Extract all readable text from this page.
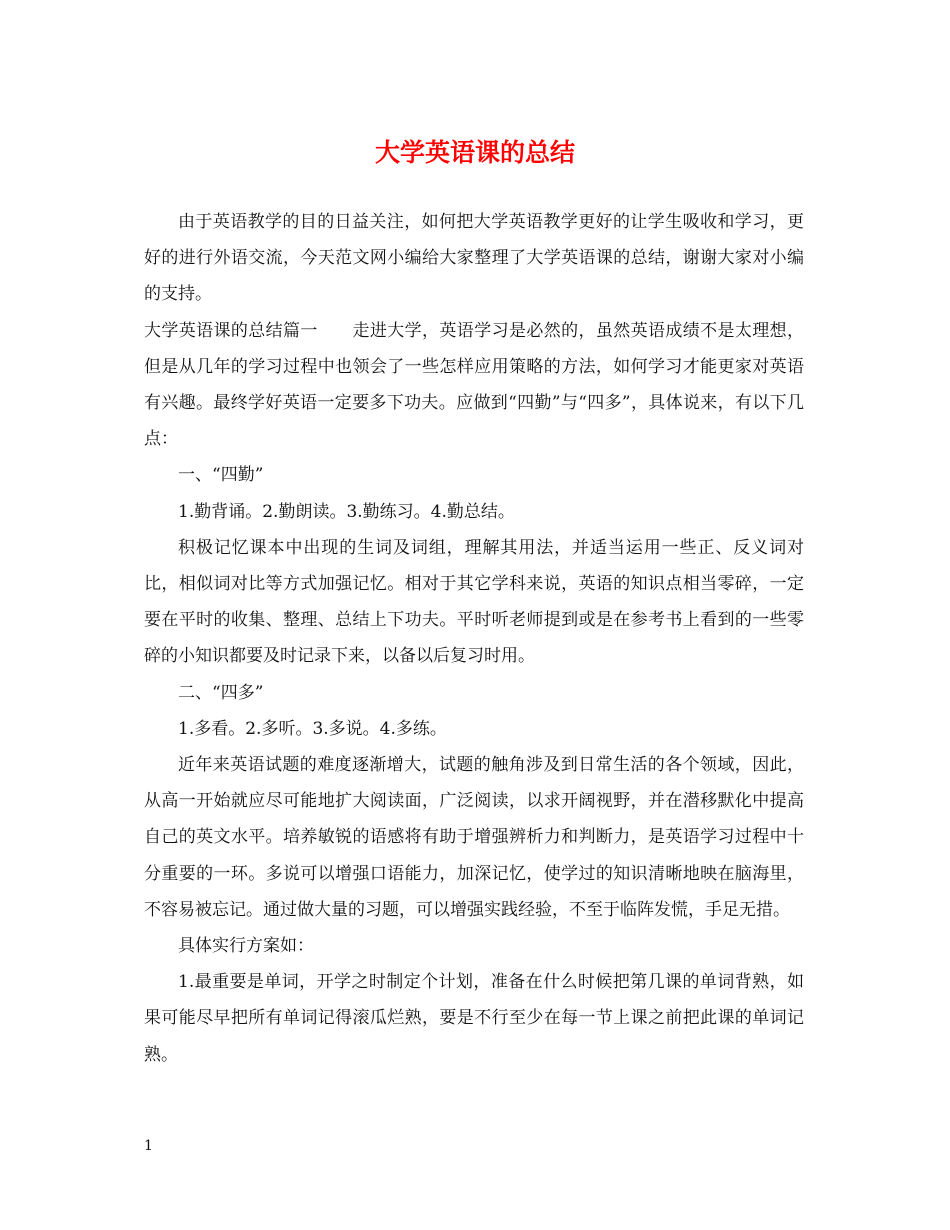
大学英语课的总结

由于英语教学的目的日益关注，如何把大学英语教学更好的让学生吸收和学习，更好的进行外语交流，今天范文网小编给大家整理了大学英语课的总结，谢谢大家对小编的支持。

大学英语课的总结篇一　　走进大学，英语学习是必然的，虽然英语成绩不是太理想，但是从几年的学习过程中也领会了一些怎样应用策略的方法，如何学习才能更家对英语有兴趣。最终学好英语一定要多下功夫。应做到“四勤”与“四多”，具体说来，有以下几点：

一、“四勤”

1.勤背诵。2.勤朗读。3.勤练习。4.勤总结。

积极记忆课本中出现的生词及词组，理解其用法，并适当运用一些正、反义词对比，相似词对比等方式加强记忆。相对于其它学科来说，英语的知识点相当零碎，一定要在平时的收集、整理、总结上下功夫。平时听老师提到或是在参考书上看到的一些零碎的小知识都要及时记录下来，以备以后复习时用。

二、“四多”

1.多看。2.多听。3.多说。4.多练。

近年来英语试题的难度逐渐增大，试题的触角涉及到日常生活的各个领域，因此，从高一开始就应尽可能地扩大阅读面，广泛阅读，以求开阔视野，并在潜移默化中提高自己的英文水平。培养敏锐的语感将有助于增强辨析力和判断力，是英语学习过程中十分重要的一环。多说可以增强口语能力，加深记忆，使学过的知识清晰地映在脑海里，不容易被忘记。通过做大量的习题，可以增强实践经验，不至于临阵发慌，手足无措。

具体实行方案如：

1.最重要是单词，开学之时制定个计划，准备在什么时候把第几课的单词背熟，如果可能尽早把所有单词记得滚瓜烂熟，要是不行至少在每一节上课之前把此课的单词记熟。

1
